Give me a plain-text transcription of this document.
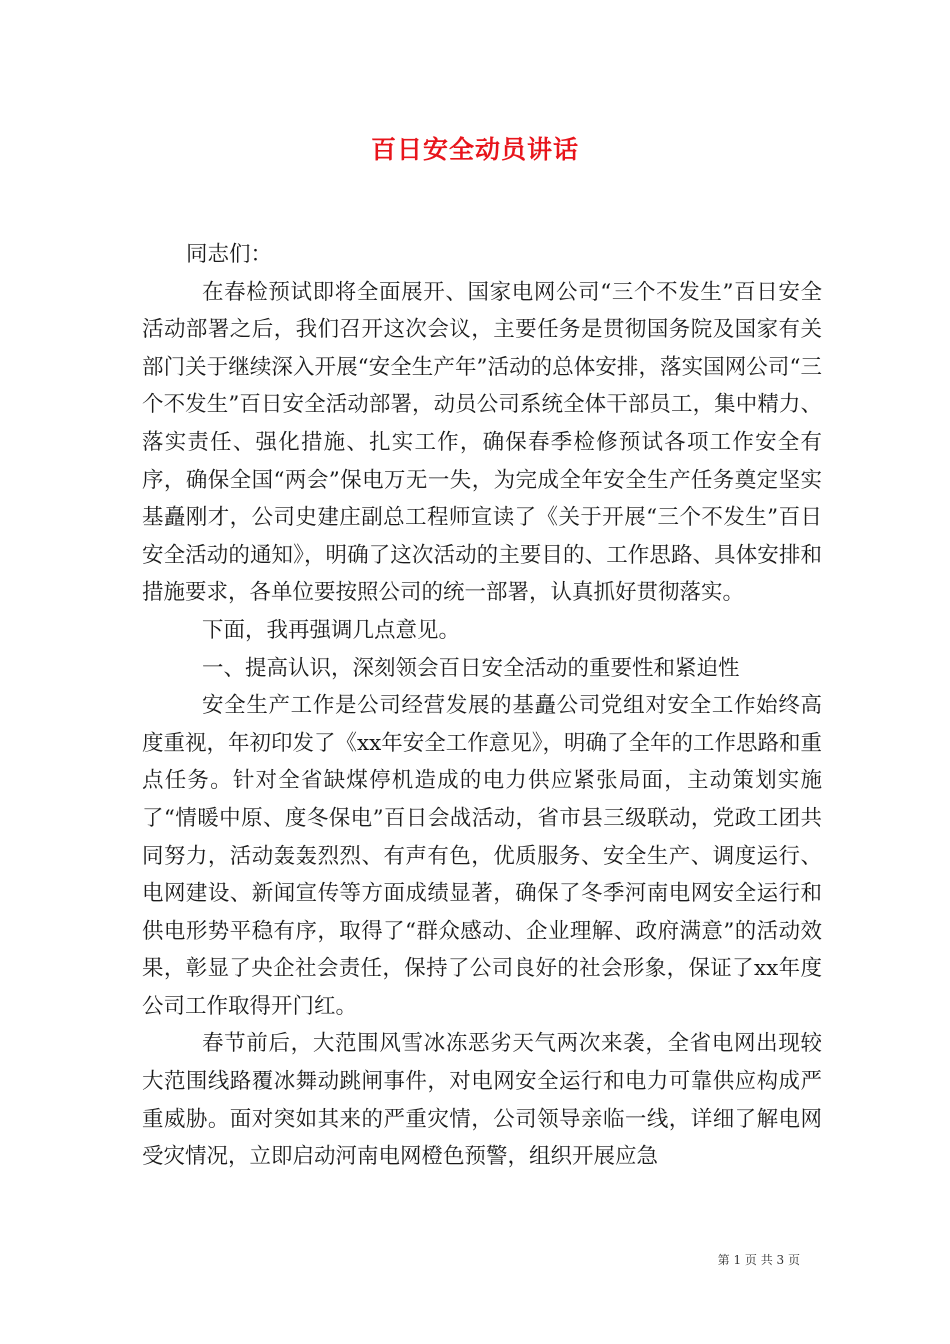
百日安全动员讲话

同志们：

在春检预试即将全面展开、国家电网公司“三个不发生”百日安全活动部署之后，我们召开这次会议，主要任务是贯彻国务院及国家有关部门关于继续深入开展“安全生产年”活动的总体安排，落实国网公司“三个不发生”百日安全活动部署，动员公司系统全体干部员工，集中精力、落实责任、强化措施、扎实工作，确保春季检修预试各项工作安全有序，确保全国“两会”保电万无一失，为完成全年安全生产任务奠定坚实基矗刚才，公司史建庄副总工程师宣读了《关于开展“三个不发生”百日安全活动的通知》，明确了这次活动的主要目的、工作思路、具体安排和措施要求，各单位要按照公司的统一部署，认真抓好贯彻落实。

下面，我再强调几点意见。

一、提高认识，深刻领会百日安全活动的重要性和紧迫性

安全生产工作是公司经营发展的基矗公司党组对安全工作始终高度重视，年初印发了《xx年安全工作意见》，明确了全年的工作思路和重点任务。针对全省缺煤停机造成的电力供应紧张局面，主动策划实施了“情暖中原、度冬保电”百日会战活动，省市县三级联动，党政工团共同努力，活动轰轰烈烈、有声有色，优质服务、安全生产、调度运行、电网建设、新闻宣传等方面成绩显著，确保了冬季河南电网安全运行和供电形势平稳有序，取得了“群众感动、企业理解、政府满意”的活动效果，彰显了央企社会责任，保持了公司良好的社会形象，保证了xx年度公司工作取得开门红。

春节前后，大范围风雪冰冻恶劣天气两次来袭，全省电网出现较大范围线路覆冰舞动跳闸事件，对电网安全运行和电力可靠供应构成严重威胁。面对突如其来的严重灾情，公司领导亲临一线，详细了解电网受灾情况，立即启动河南电网橙色预警，组织开展应急

第 1 页 共 3 页
